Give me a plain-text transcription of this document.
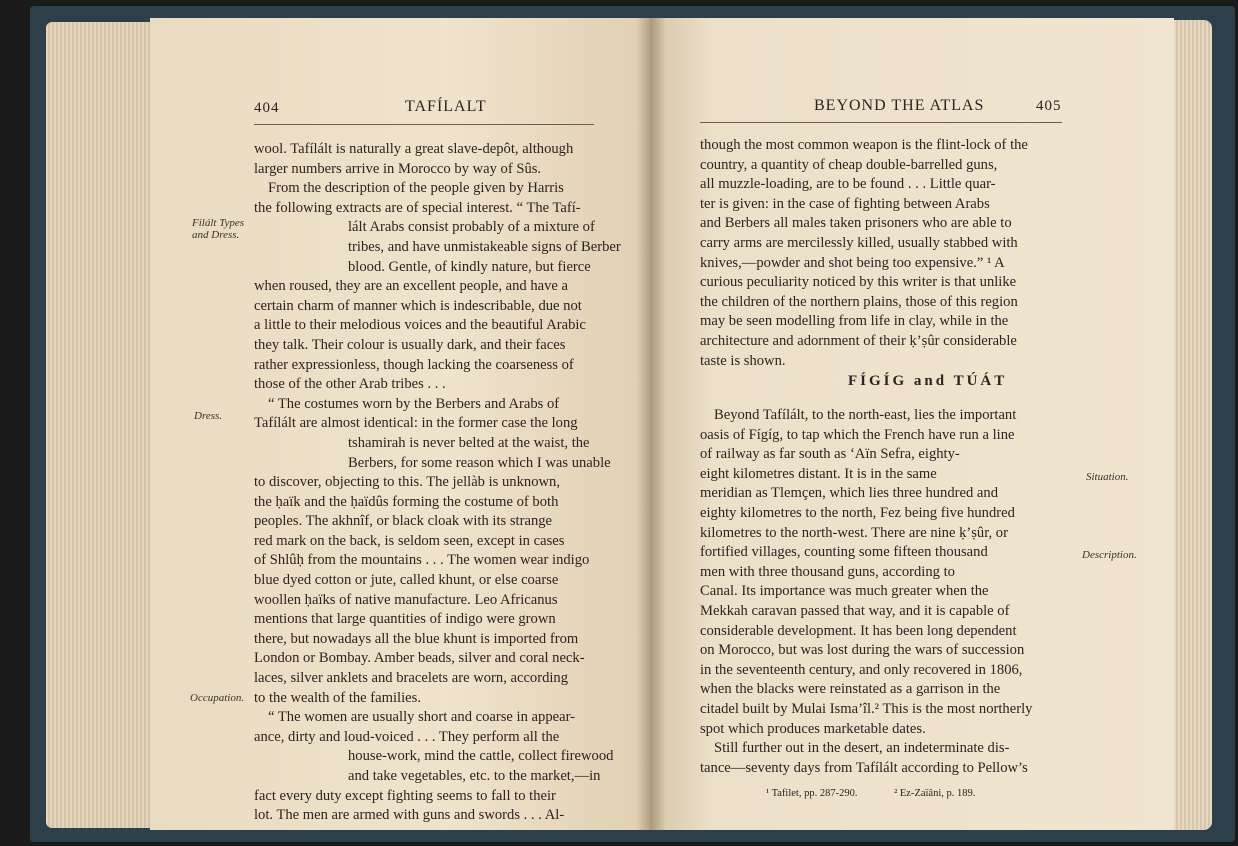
404	TAFÍLALT
Filált Types
and Dress.
Dress.
Occupation.
wool. Tafílált is naturally a great slave-depôt, although
larger numbers arrive in Morocco by way of Sûs.
From the description of the people given by Harris
the following extracts are of special interest. “ The Tafí-
lált Arabs consist probably of a mixture of
tribes, and have unmistakeable signs of Berber
blood. Gentle, of kindly nature, but fierce
when roused, they are an excellent people, and have a
certain charm of manner which is indescribable, due not
a little to their melodious voices and the beautiful Arabic
they talk. Their colour is usually dark, and their faces
rather expressionless, though lacking the coarseness of
those of the other Arab tribes . . .
“ The costumes worn by the Berbers and Arabs of
Tafílált are almost identical: in the former case the long
tshamirah is never belted at the waist, the
Berbers, for some reason which I was unable
to discover, objecting to this. The jellàb is unknown,
the ḥaïk and the ḥaïdûs forming the costume of both
peoples. The akhnîf, or black cloak with its strange
red mark on the back, is seldom seen, except in cases
of Shlûḥ from the mountains . . . The women wear indigo
blue dyed cotton or jute, called khunt, or else coarse
woollen ḥaïks of native manufacture. Leo Africanus
mentions that large quantities of indigo were grown
there, but nowadays all the blue khunt is imported from
London or Bombay. Amber beads, silver and coral neck-
laces, silver anklets and bracelets are worn, according
to the wealth of the families.
“ The women are usually short and coarse in appear-
ance, dirty and loud-voiced . . . They perform all the
house-work, mind the cattle, collect firewood
and take vegetables, etc. to the market,—in
fact every duty except fighting seems to fall to their
lot. The men are armed with guns and swords . . . Al-
BEYOND THE ATLAS	405
though the most common weapon is the flint-lock of the
country, a quantity of cheap double-barrelled guns,
all muzzle-loading, are to be found . . . Little quar-
ter is given: in the case of fighting between Arabs
and Berbers all males taken prisoners who are able to
carry arms are mercilessly killed, usually stabbed with
knives,—powder and shot being too expensive.” ¹ A
curious peculiarity noticed by this writer is that unlike
the children of the northern plains, those of this region
may be seen modelling from life in clay, while in the
architecture and adornment of their ḳ’ṣûr considerable
taste is shown.
FÍGÍG and TÚÁT
Beyond Tafílált, to the north-east, lies the important
oasis of Fígíg, to tap which the French have run a line
of railway as far south as ‘Aïn Sefra, eighty-
eight kilometres distant. It is in the same
meridian as Tlemçen, which lies three hundred and
eighty kilometres to the north, Fez being five hundred
kilometres to the north-west. There are nine ḳ’ṣûr, or
fortified villages, counting some fifteen thousand
men with three thousand guns, according to
Canal. Its importance was much greater when the
Mekkah caravan passed that way, and it is capable of
considerable development. It has been long dependent
on Morocco, but was lost during the wars of succession
in the seventeenth century, and only recovered in 1806,
when the blacks were reinstated as a garrison in the
citadel built by Mulai Isma’îl.² This is the most northerly
spot which produces marketable dates.
Still further out in the desert, an indeterminate dis-
tance—seventy days from Tafílált according to Pellow’s
Situation.
Description.
¹ Tafilet, pp. 287-290.	² Ez-Zaïâni, p. 189.
